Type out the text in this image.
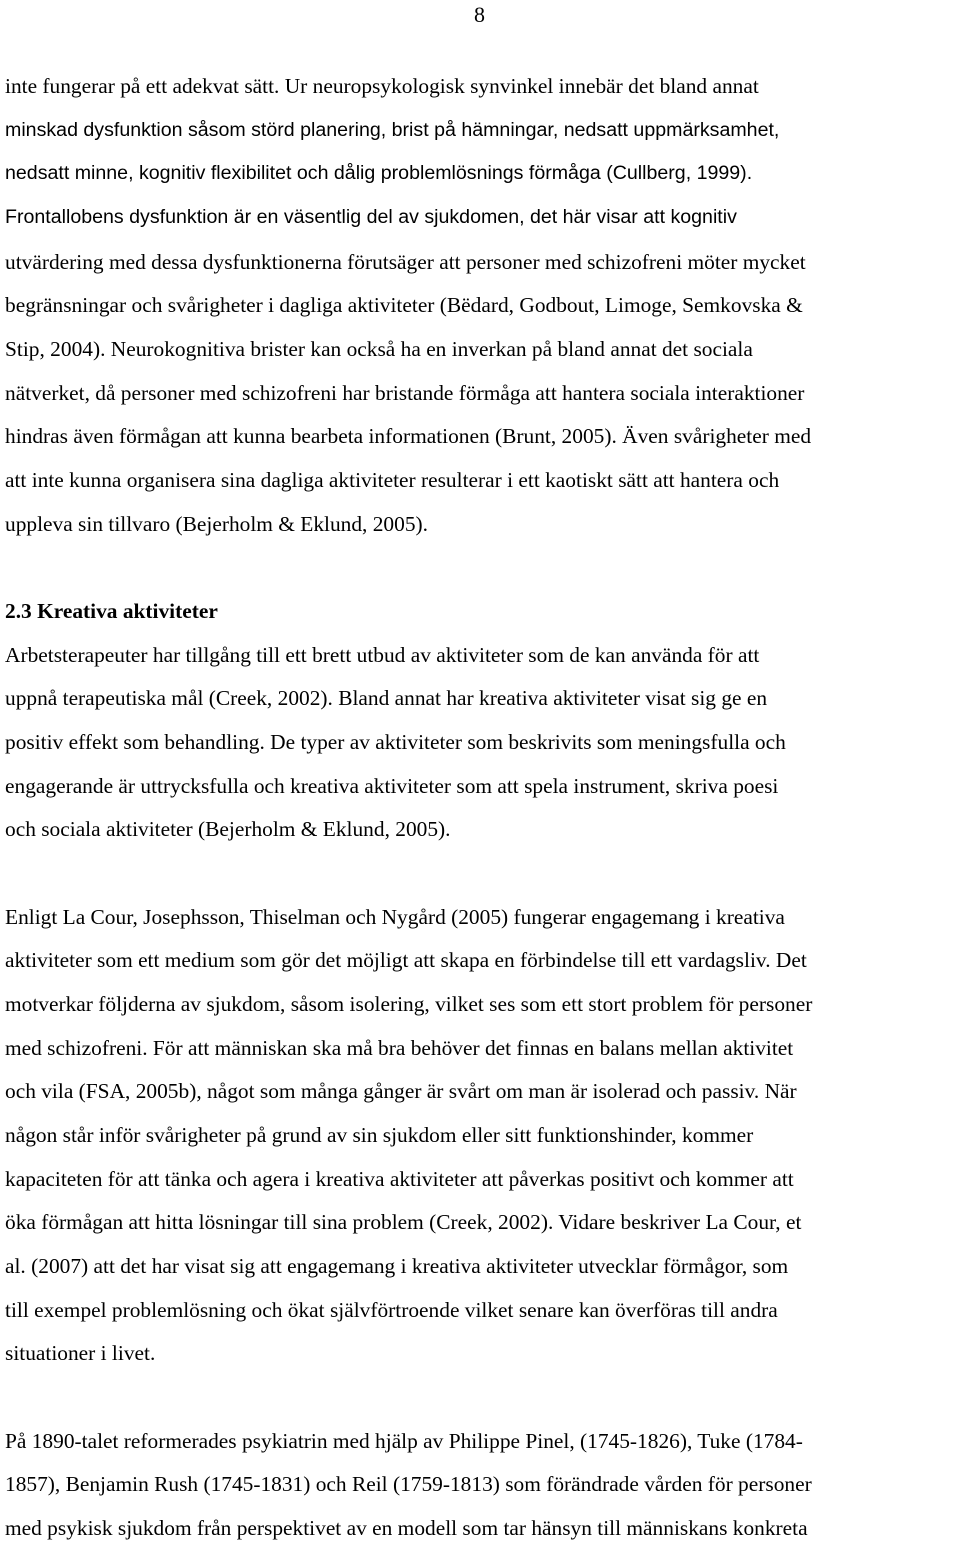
8
inte fungerar på ett adekvat sätt. Ur neuropsykologisk synvinkel innebär det bland annat
minskad dysfunktion såsom störd planering, brist på hämningar, nedsatt uppmärksamhet,
nedsatt minne, kognitiv flexibilitet och dålig problemlösnings förmåga (Cullberg, 1999).
Frontallobens dysfunktion är en väsentlig del av sjukdomen, det här visar att kognitiv
utvärdering med dessa dysfunktionerna förutsäger att personer med schizofreni möter mycket
begränsningar och svårigheter i dagliga aktiviteter (Bëdard, Godbout, Limoge, Semkovska &
Stip, 2004). Neurokognitiva brister kan också ha en inverkan på bland annat det sociala
nätverket, då personer med schizofreni har bristande förmåga att hantera sociala interaktioner
hindras även förmågan att kunna bearbeta informationen (Brunt, 2005). Även svårigheter med
att inte kunna organisera sina dagliga aktiviteter resulterar i ett kaotiskt sätt att hantera och
uppleva sin tillvaro (Bejerholm & Eklund, 2005).
2.3 Kreativa aktiviteter
Arbetsterapeuter har tillgång till ett brett utbud av aktiviteter som de kan använda för att
uppnå terapeutiska mål (Creek, 2002). Bland annat har kreativa aktiviteter visat sig ge en
positiv effekt som behandling. De typer av aktiviteter som beskrivits som meningsfulla och
engagerande är uttrycksfulla och kreativa aktiviteter som att spela instrument, skriva poesi
och sociala aktiviteter (Bejerholm & Eklund, 2005).
Enligt La Cour, Josephsson, Thiselman och Nygård (2005) fungerar engagemang i kreativa
aktiviteter som ett medium som gör det möjligt att skapa en förbindelse till ett vardagsliv. Det
motverkar följderna av sjukdom, såsom isolering, vilket ses som ett stort problem för personer
med schizofreni. För att människan ska må bra behöver det finnas en balans mellan aktivitet
och vila (FSA, 2005b), något som många gånger är svårt om man är isolerad och passiv. När
någon står inför svårigheter på grund av sin sjukdom eller sitt funktionshinder, kommer
kapaciteten för att tänka och agera i kreativa aktiviteter att påverkas positivt och kommer att
öka förmågan att hitta lösningar till sina problem (Creek, 2002). Vidare beskriver La Cour, et
al. (2007) att det har visat sig att engagemang i kreativa aktiviteter utvecklar förmågor, som
till exempel problemlösning och ökat självförtroende vilket senare kan överföras till andra
situationer i livet.
På 1890-talet reformerades psykiatrin med hjälp av Philippe Pinel, (1745-1826), Tuke (1784-
1857), Benjamin Rush (1745-1831) och Reil (1759-1813) som förändrade vården för personer
med psykisk sjukdom från perspektivet av en modell som tar hänsyn till människans konkreta
